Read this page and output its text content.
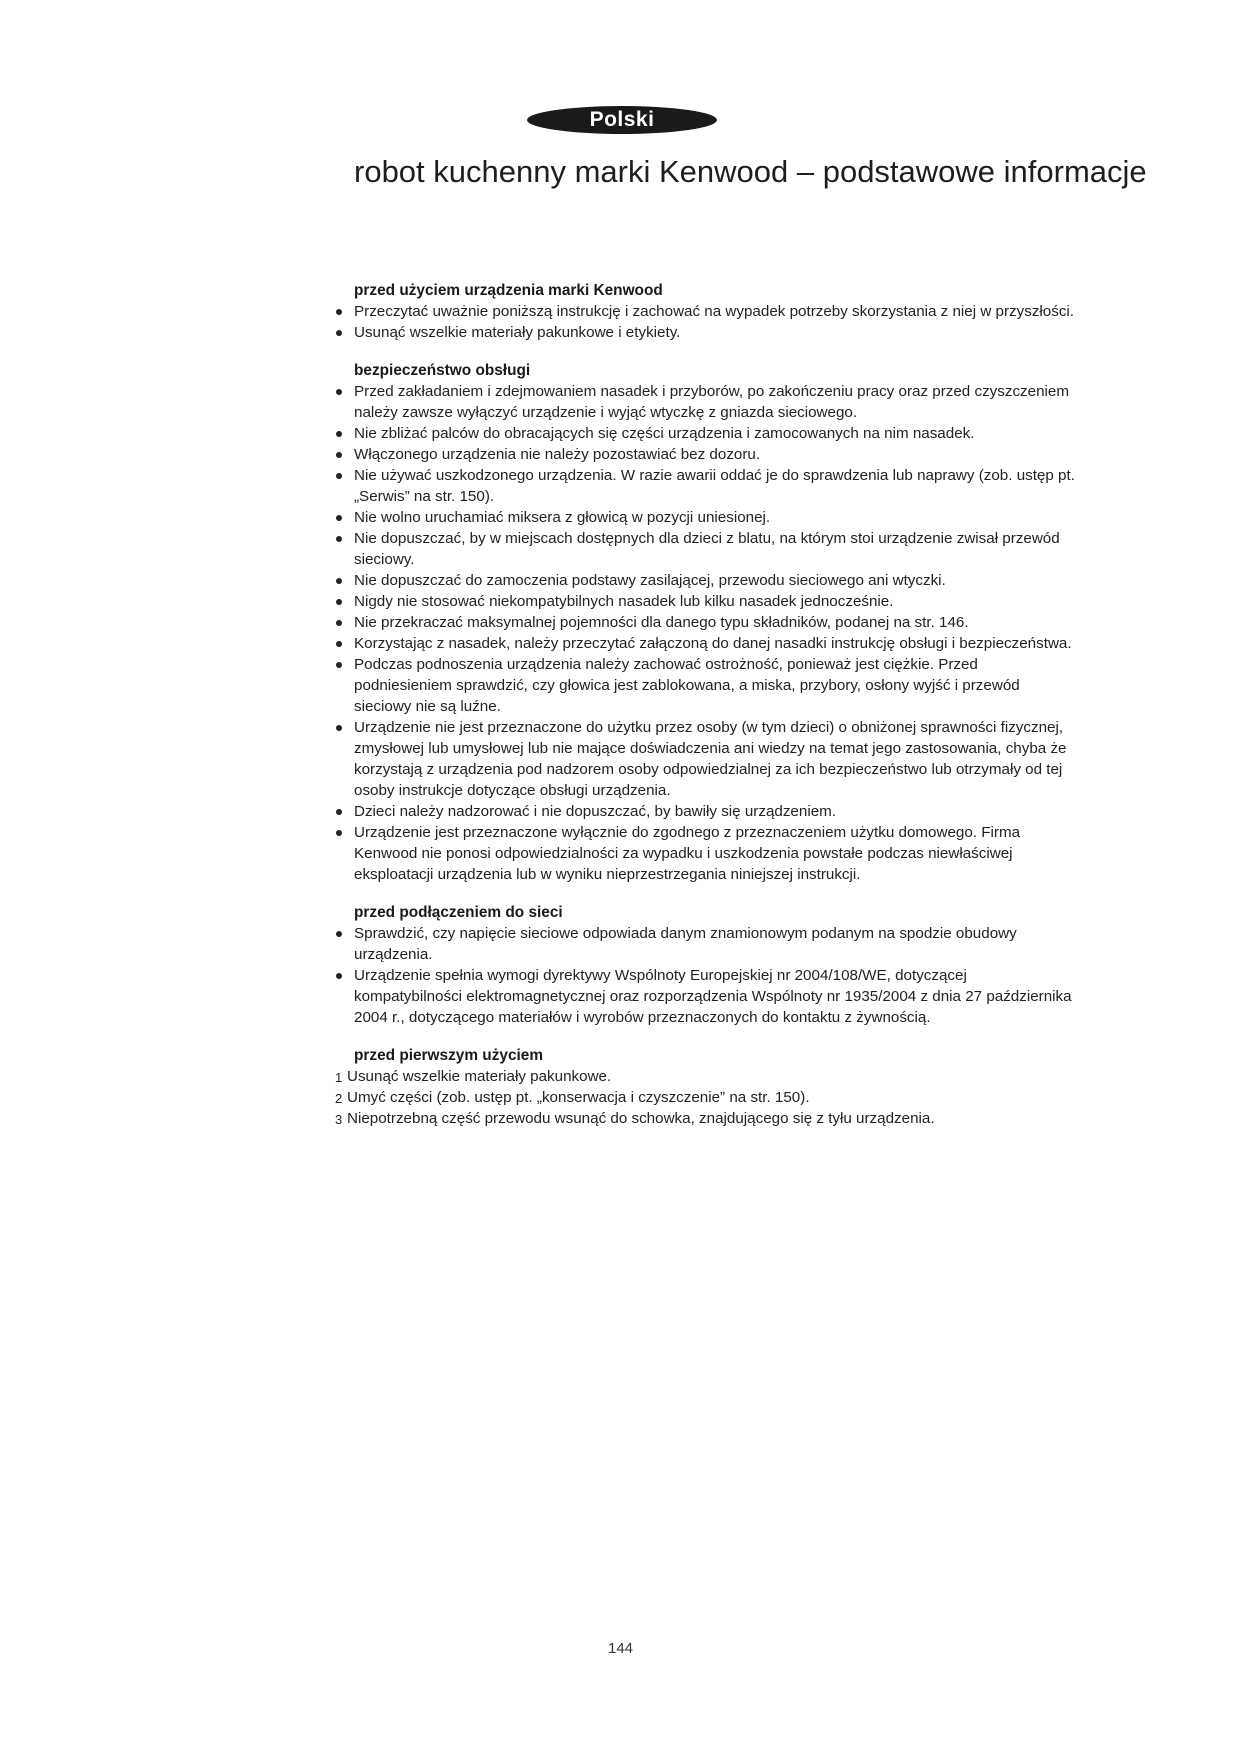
Polski
robot kuchenny marki Kenwood – podstawowe informacje
przed użyciem urządzenia marki Kenwood
Przeczytać uważnie poniższą instrukcję i zachować na wypadek potrzeby skorzystania z niej w przyszłości.
Usunąć wszelkie materiały pakunkowe i etykiety.
bezpieczeństwo obsługi
Przed zakładaniem i zdejmowaniem nasadek i przyborów, po zakończeniu pracy oraz przed czyszczeniem należy zawsze wyłączyć urządzenie i wyjąć wtyczkę z gniazda sieciowego.
Nie zbliżać palców do obracających się części urządzenia i zamocowanych na nim nasadek.
Włączonego urządzenia nie należy pozostawiać bez dozoru.
Nie używać uszkodzonego urządzenia. W razie awarii oddać je do sprawdzenia lub naprawy (zob. ustęp pt. „Serwis” na str. 150).
Nie wolno uruchamiać miksera z głowicą w pozycji uniesionej.
Nie dopuszczać, by w miejscach dostępnych dla dzieci z blatu, na którym stoi urządzenie zwisał przewód sieciowy.
Nie dopuszczać do zamoczenia podstawy zasilającej, przewodu sieciowego ani wtyczki.
Nigdy nie stosować niekompatybilnych nasadek lub kilku nasadek jednocześnie.
Nie przekraczać maksymalnej pojemności dla danego typu składników, podanej na str. 146.
Korzystając z nasadek, należy przeczytać załączoną do danej nasadki instrukcję obsługi i bezpieczeństwa.
Podczas podnoszenia urządzenia należy zachować ostrożność, ponieważ jest ciężkie. Przed podniesieniem sprawdzić, czy głowica jest zablokowana, a miska, przybory, osłony wyjść i przewód sieciowy nie są luźne.
Urządzenie nie jest przeznaczone do użytku przez osoby (w tym dzieci) o obniżonej sprawności fizycznej, zmysłowej lub umysłowej lub nie mające doświadczenia ani wiedzy na temat jego zastosowania, chyba że korzystają z urządzenia pod nadzorem osoby odpowiedzialnej za ich bezpieczeństwo lub otrzymały od tej osoby instrukcje dotyczące obsługi urządzenia.
Dzieci należy nadzorować i nie dopuszczać, by bawiły się urządzeniem.
Urządzenie jest przeznaczone wyłącznie do zgodnego z przeznaczeniem użytku domowego. Firma Kenwood nie ponosi odpowiedzialności za wypadku i uszkodzenia powstałe podczas niewłaściwej eksploatacji urządzenia lub w wyniku nieprzestrzegania niniejszej instrukcji.
przed podłączeniem do sieci
Sprawdzić, czy napięcie sieciowe odpowiada danym znamionowym podanym na spodzie obudowy urządzenia.
Urządzenie spełnia wymogi dyrektywy Wspólnoty Europejskiej nr 2004/108/WE, dotyczącej kompatybilności elektromagnetycznej oraz rozporządzenia Wspólnoty nr 1935/2004 z dnia 27 października 2004 r., dotyczącego materiałów i wyrobów przeznaczonych do kontaktu z żywnością.
przed pierwszym użyciem
1 Usunąć wszelkie materiały pakunkowe.
2 Umyć części (zob. ustęp pt. „konserwacja i czyszczenie” na str. 150).
3 Niepotrzebną część przewodu wsunąć do schowka, znajdującego się z tyłu urządzenia.
144
